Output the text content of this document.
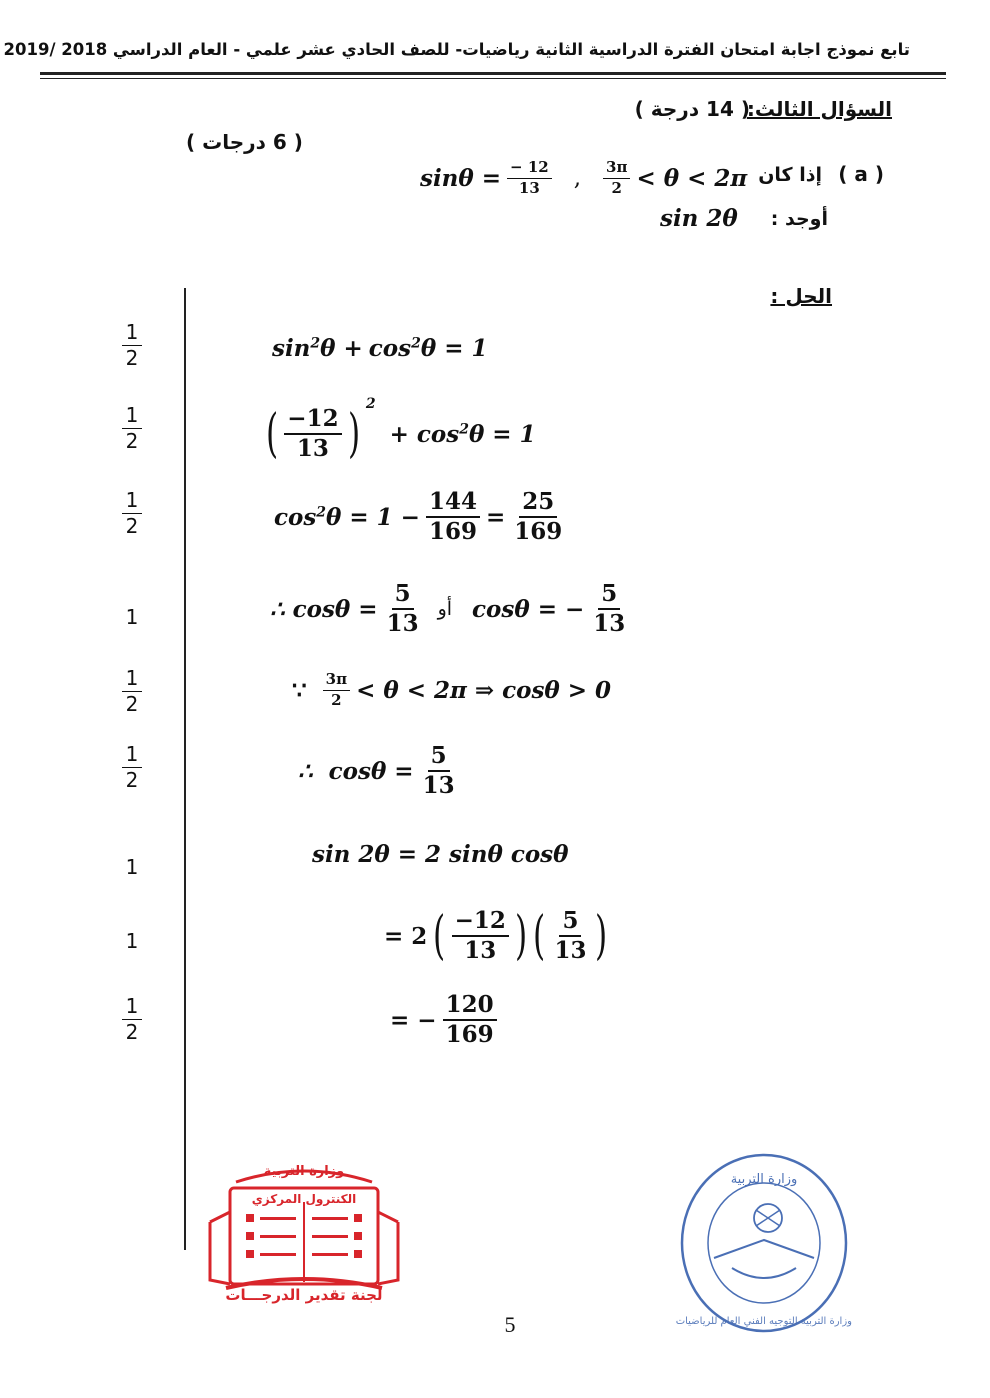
تابع نموذج اجابة امتحان الفترة الدراسية الثانية رياضيات- للصف الحادي عشر علمي - العام الدراسي 2018 /2019
السؤال الثالث:
( 14 درجة )
( 6 درجات )
( a )
إذا كان
$\sin\theta = \frac{- 12}{13}$ , $\frac{3\pi}{2} < \theta < 2\pi$
أوجد :
sin 2θ
الحل :
$\frac{1}{2}$
$\frac{1}{2}$
$\frac{1}{2}$
1
$\frac{1}{2}$
$\frac{1}{2}$
1
1
$\frac{1}{2}$
$\sin^2\theta + \cos^2\theta = 1$
( $\frac{-12}{13}$ ) $^2$
+ $\cos^2\theta = 1$
$\cos^2\theta = 1 - \frac{144}{169} = \frac{25}{169}$
∴ $\cos\theta = \frac{5}{13}$ أو cosθ = − $\frac{5}{13}$
∵ $\frac{3\pi}{2} < \theta < 2\pi$ ⇒ cosθ > 0
∴  $\cos\theta = \frac{5}{13}$
sin 2θ = 2 sinθ cosθ
= 2 ( $\frac{-12}{13}$ ) ( $\frac{5}{13}$ )
= − $\frac{120}{169}$
وزارة التربية
الكنترول المركزي
لجنة تقدير الدرجـــات
وزارة التربية التوجيه الفني العام للرياضيات
وزارة التربية
5
